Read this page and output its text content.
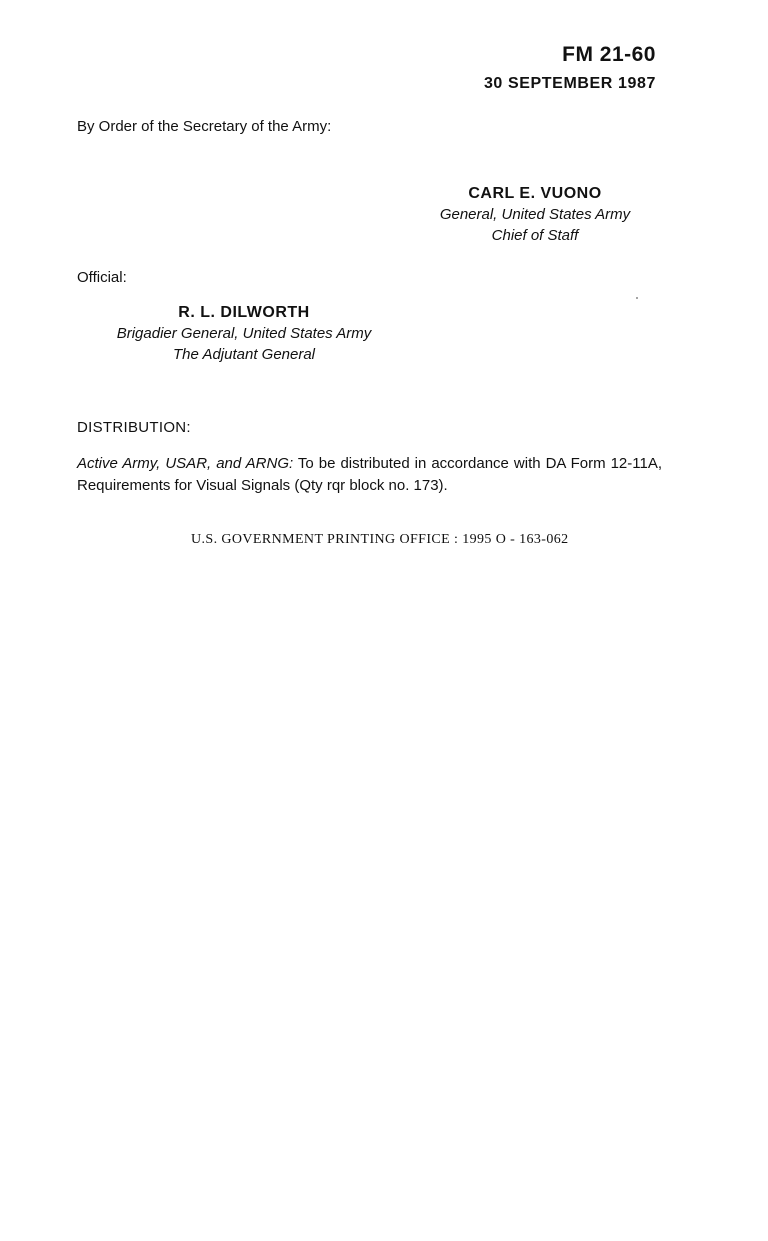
FM 21-60
30 SEPTEMBER 1987
By Order of the Secretary of the Army:
CARL E. VUONO
General, United States Army
Chief of Staff
Official:
R. L. DILWORTH
Brigadier General, United States Army
The Adjutant General
DISTRIBUTION:
Active Army, USAR, and ARNG: To be distributed in accordance with DA Form 12-11A, Requirements for Visual Signals (Qty rqr block no. 173).
U.S. GOVERNMENT PRINTING OFFICE : 1995 O - 163-062
